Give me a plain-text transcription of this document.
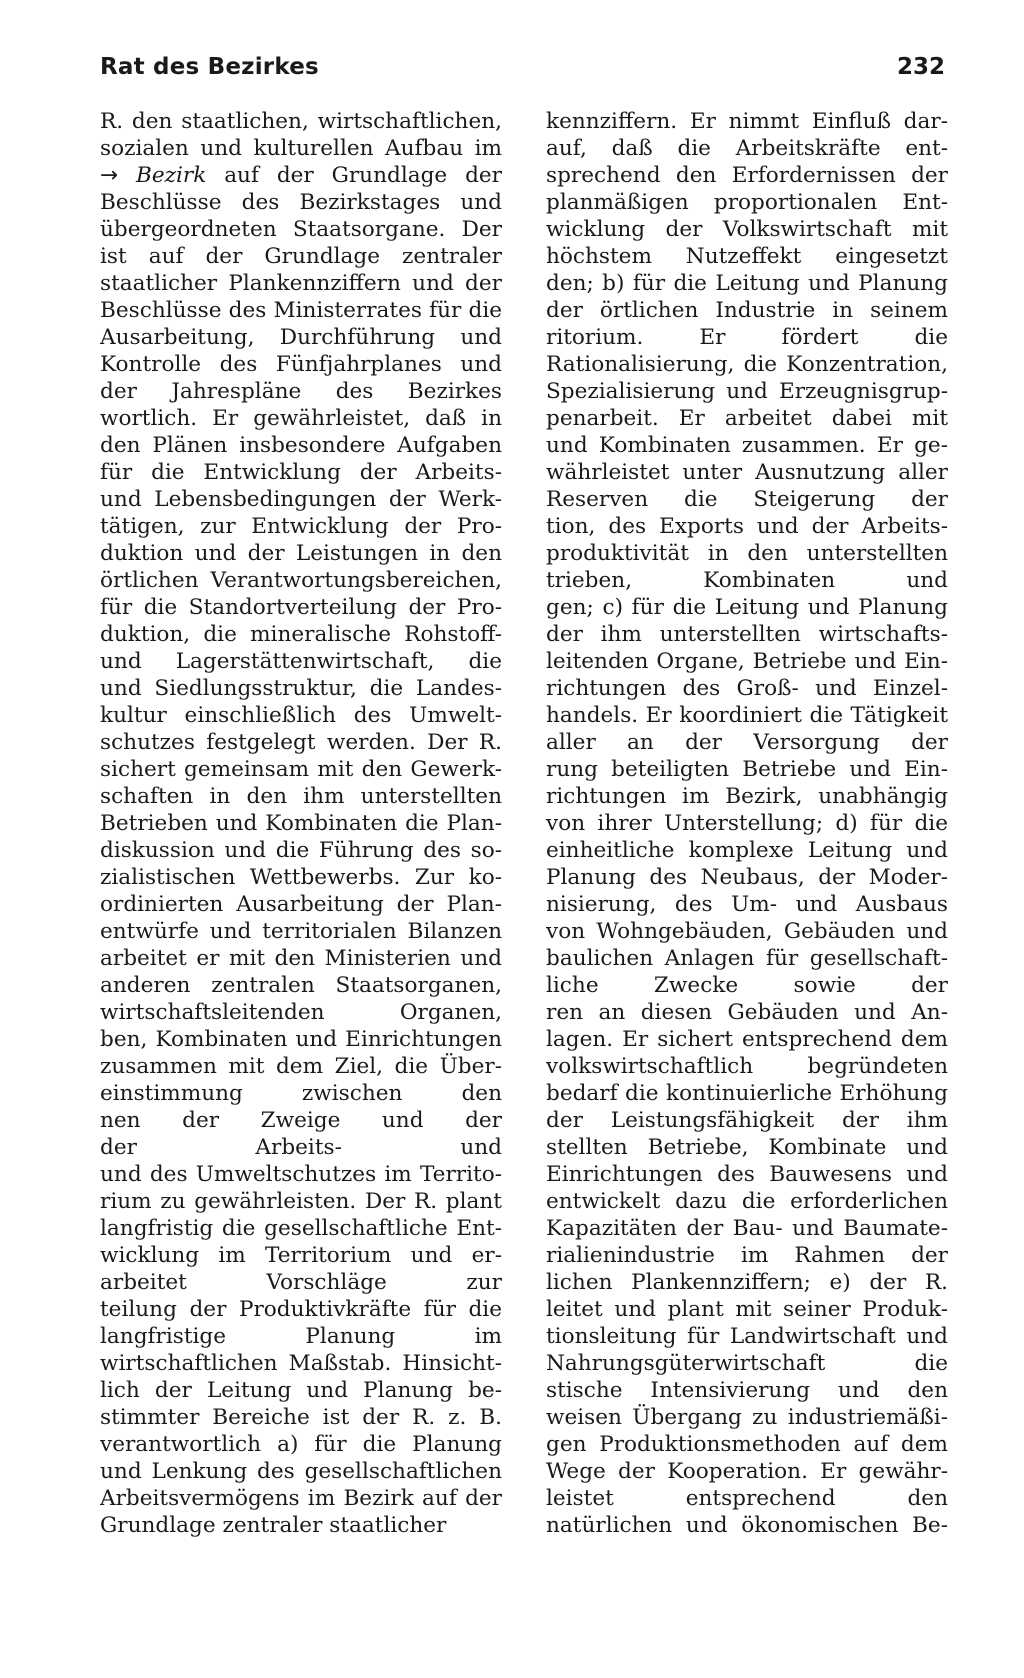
Rat des Bezirkes	232
R. den staatlichen, wirtschaftlichen,
sozialen und kulturellen Aufbau im
→ Bezirk auf der Grundlage der
Beschlüsse des Bezirkstages und
übergeordneten Staatsorgane. Der
ist auf der Grundlage zentraler
staatlicher Plankennziffern und der
Beschlüsse des Ministerrates für die
Ausarbeitung, Durchführung und
Kontrolle des Fünfjahrplanes und
der Jahrespläne des Bezirkes
wortlich. Er gewährleistet, daß in
den Plänen insbesondere Aufgaben
für die Entwicklung der Arbeits-
und Lebensbedingungen der Werk-
tätigen, zur Entwicklung der Pro-
duktion und der Leistungen in den
örtlichen Verantwortungsbereichen,
für die Standortverteilung der Pro-
duktion, die mineralische Rohstoff-
und Lagerstättenwirtschaft, die
und Siedlungsstruktur, die Landes-
kultur einschließlich des Umwelt-
schutzes festgelegt werden. Der R.
sichert gemeinsam mit den Gewerk-
schaften in den ihm unterstellten
Betrieben und Kombinaten die Plan-
diskussion und die Führung des so-
zialistischen Wettbewerbs. Zur ko-
ordinierten Ausarbeitung der Plan-
entwürfe und territorialen Bilanzen
arbeitet er mit den Ministerien und
anderen zentralen Staatsorganen,
wirtschaftsleitenden Organen,
ben, Kombinaten und Einrichtungen
zusammen mit dem Ziel, die Über-
einstimmung zwischen den
nen der Zweige und der
der Arbeits- und
und des Umweltschutzes im Territo-
rium zu gewährleisten. Der R. plant
langfristig die gesellschaftliche Ent-
wicklung im Territorium und er-
arbeitet Vorschläge zur
teilung der Produktivkräfte für die
langfristige Planung im
wirtschaftlichen Maßstab. Hinsicht-
lich der Leitung und Planung be-
stimmter Bereiche ist der R. z. B.
verantwortlich a) für die Planung
und Lenkung des gesellschaftlichen
Arbeitsvermögens im Bezirk auf der
Grundlage zentraler staatlicher
kennziffern. Er nimmt Einfluß dar-
auf, daß die Arbeitskräfte ent-
sprechend den Erfordernissen der
planmäßigen proportionalen Ent-
wicklung der Volkswirtschaft mit
höchstem Nutzeffekt eingesetzt
den; b) für die Leitung und Planung
der örtlichen Industrie in seinem
ritorium. Er fördert die
Rationalisierung, die Konzentration,
Spezialisierung und Erzeugnisgrup-
penarbeit. Er arbeitet dabei mit
und Kombinaten zusammen. Er ge-
währleistet unter Ausnutzung aller
Reserven die Steigerung der
tion, des Exports und der Arbeits-
produktivität in den unterstellten
trieben, Kombinaten und
gen; c) für die Leitung und Planung
der ihm unterstellten wirtschafts-
leitenden Organe, Betriebe und Ein-
richtungen des Groß- und Einzel-
handels. Er koordiniert die Tätigkeit
aller an der Versorgung der
rung beteiligten Betriebe und Ein-
richtungen im Bezirk, unabhängig
von ihrer Unterstellung; d) für die
einheitliche komplexe Leitung und
Planung des Neubaus, der Moder-
nisierung, des Um- und Ausbaus
von Wohngebäuden, Gebäuden und
baulichen Anlagen für gesellschaft-
liche Zwecke sowie der
ren an diesen Gebäuden und An-
lagen. Er sichert entsprechend dem
volkswirtschaftlich begründeten
bedarf die kontinuierliche Erhöhung
der Leistungsfähigkeit der ihm
stellten Betriebe, Kombinate und
Einrichtungen des Bauwesens und
entwickelt dazu die erforderlichen
Kapazitäten der Bau- und Baumate-
rialienindustrie im Rahmen der
lichen Plankennziffern; e) der R.
leitet und plant mit seiner Produk-
tionsleitung für Landwirtschaft und
Nahrungsgüterwirtschaft die
stische Intensivierung und den
weisen Übergang zu industriemäßi-
gen Produktionsmethoden auf dem
Wege der Kooperation. Er gewähr-
leistet entsprechend den
natürlichen und ökonomischen Be-
